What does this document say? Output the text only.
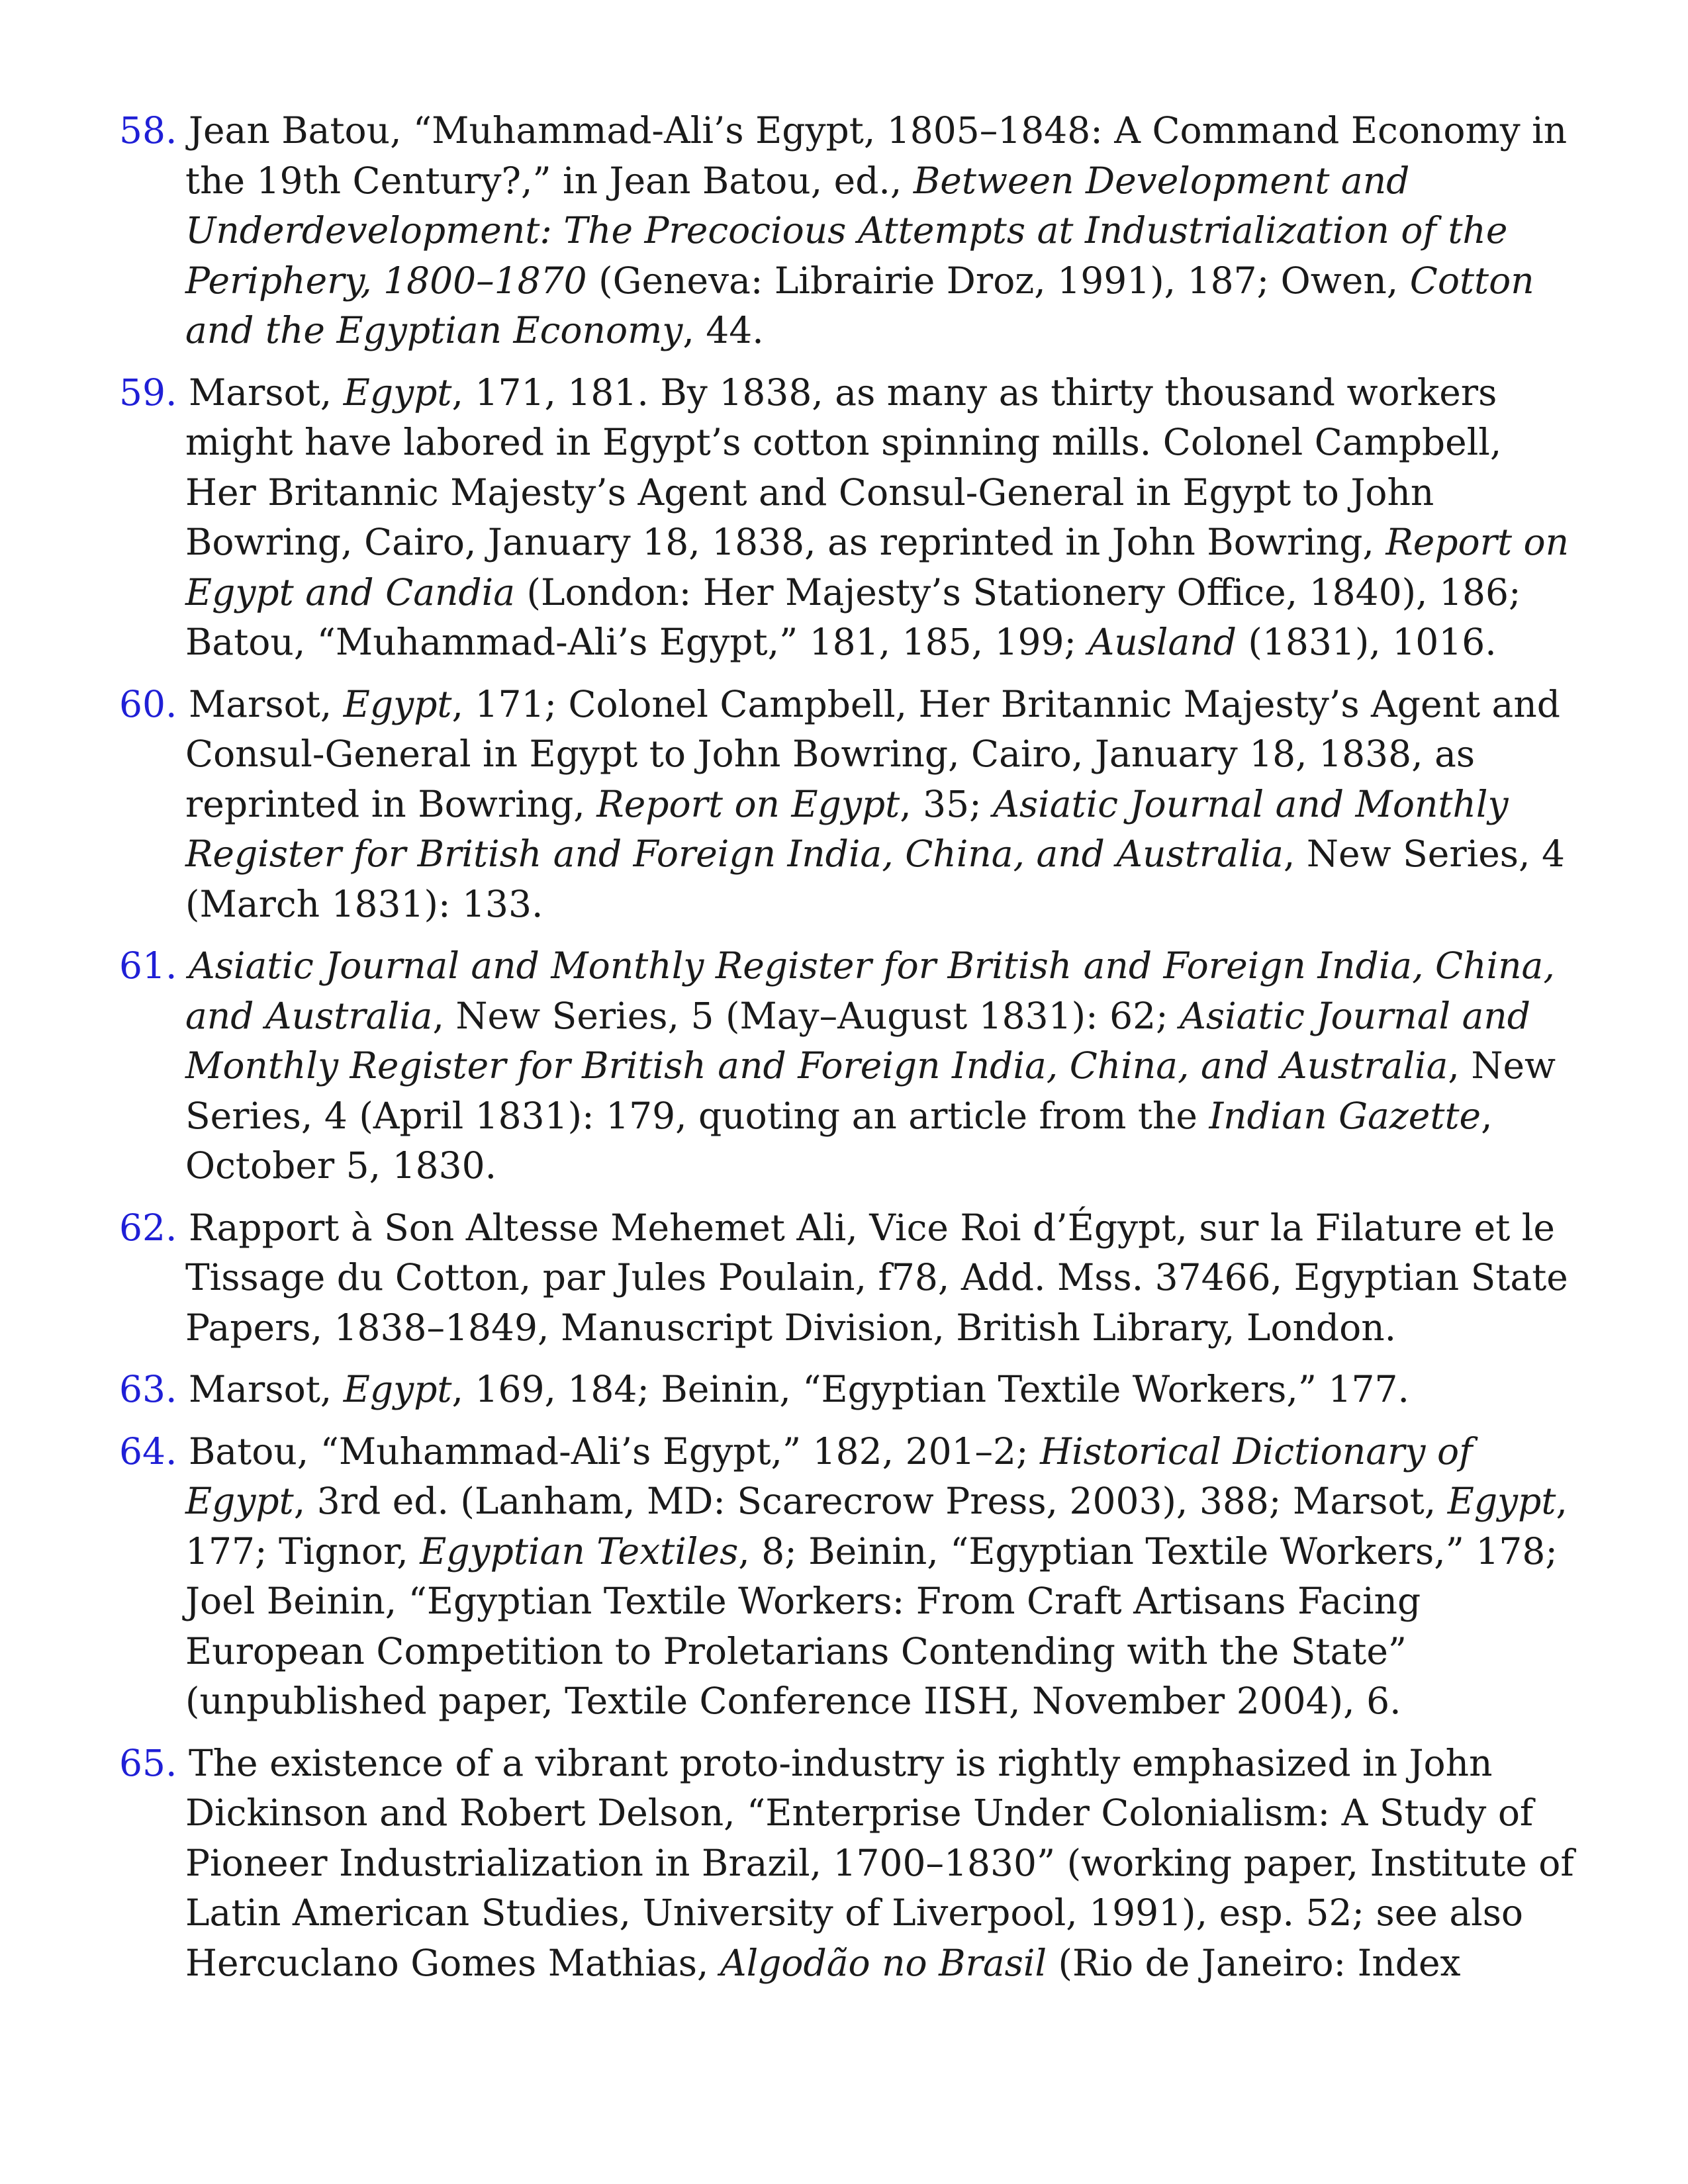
58. Jean Batou, “Muhammad-Ali’s Egypt, 1805–1848: A Command Economy in the 19th Century?,” in Jean Batou, ed., Between Development and Underdevelopment: The Precocious Attempts at Industrialization of the Periphery, 1800–1870 (Geneva: Librairie Droz, 1991), 187; Owen, Cotton and the Egyptian Economy, 44.
59. Marsot, Egypt, 171, 181. By 1838, as many as thirty thousand workers might have labored in Egypt’s cotton spinning mills. Colonel Campbell, Her Britannic Majesty’s Agent and Consul-General in Egypt to John Bowring, Cairo, January 18, 1838, as reprinted in John Bowring, Report on Egypt and Candia (London: Her Majesty’s Stationery Office, 1840), 186; Batou, “Muhammad-Ali’s Egypt,” 181, 185, 199; Ausland (1831), 1016.
60. Marsot, Egypt, 171; Colonel Campbell, Her Britannic Majesty’s Agent and Consul-General in Egypt to John Bowring, Cairo, January 18, 1838, as reprinted in Bowring, Report on Egypt, 35; Asiatic Journal and Monthly Register for British and Foreign India, China, and Australia, New Series, 4 (March 1831): 133.
61. Asiatic Journal and Monthly Register for British and Foreign India, China, and Australia, New Series, 5 (May–August 1831): 62; Asiatic Journal and Monthly Register for British and Foreign India, China, and Australia, New Series, 4 (April 1831): 179, quoting an article from the Indian Gazette, October 5, 1830.
62. Rapport à Son Altesse Mehemet Ali, Vice Roi d’Égypt, sur la Filature et le Tissage du Cotton, par Jules Poulain, f78, Add. Mss. 37466, Egyptian State Papers, 1838–1849, Manuscript Division, British Library, London.
63. Marsot, Egypt, 169, 184; Beinin, “Egyptian Textile Workers,” 177.
64. Batou, “Muhammad-Ali’s Egypt,” 182, 201–2; Historical Dictionary of Egypt, 3rd ed. (Lanham, MD: Scarecrow Press, 2003), 388; Marsot, Egypt, 177; Tignor, Egyptian Textiles, 8; Beinin, “Egyptian Textile Workers,” 178; Joel Beinin, “Egyptian Textile Workers: From Craft Artisans Facing European Competition to Proletarians Contending with the State” (unpublished paper, Textile Conference IISH, November 2004), 6.
65. The existence of a vibrant proto-industry is rightly emphasized in John Dickinson and Robert Delson, “Enterprise Under Colonialism: A Study of Pioneer Industrialization in Brazil, 1700–1830” (working paper, Institute of Latin American Studies, University of Liverpool, 1991), esp. 52; see also Hercuclano Gomes Mathias, Algodão no Brasil (Rio de Janeiro: Index
